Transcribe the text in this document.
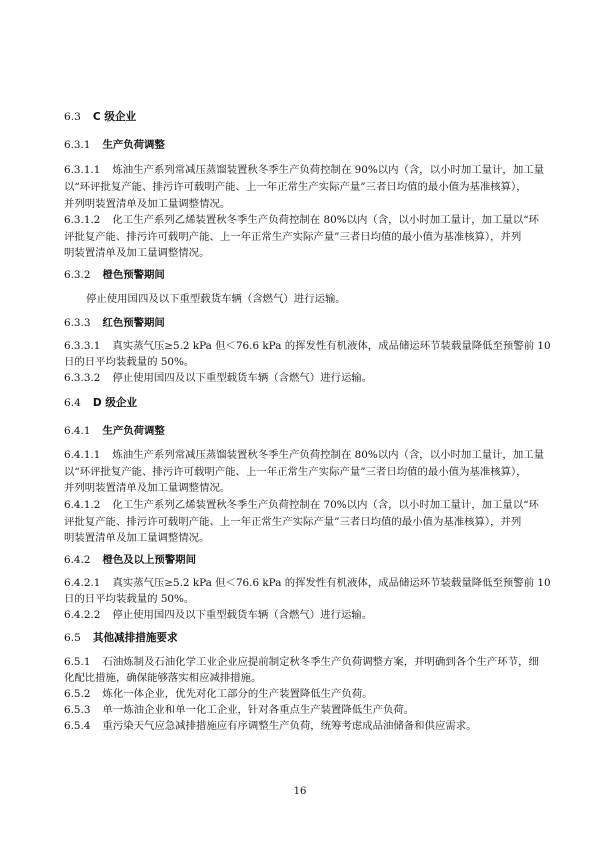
6.3 C 级企业
6.3.1 生产负荷调整
6.3.1.1 炼油生产系列常减压蒸馏装置秋冬季生产负荷控制在 90%以内（含，以小时加工量计，加工量
以“环评批复产能、排污许可载明产能、上一年正常生产实际产量”三者日均值的最小值为基准核算），
并列明装置清单及加工量调整情况。
6.3.1.2 化工生产系列乙烯装置秋冬季生产负荷控制在 80%以内（含，以小时加工量计，加工量以“环
评批复产能、排污许可载明产能、上一年正常生产实际产量”三者日均值的最小值为基准核算），并列
明装置清单及加工量调整情况。
6.3.2 橙色预警期间
停止使用国四及以下重型载货车辆（含燃气）进行运输。
6.3.3 红色预警期间
6.3.3.1 真实蒸气压≥5.2 kPa 但＜76.6 kPa 的挥发性有机液体，成品储运环节装载量降低至预警前 10
日的日平均装载量的 50%。
6.3.3.2 停止使用国四及以下重型载货车辆（含燃气）进行运输。
6.4 D 级企业
6.4.1 生产负荷调整
6.4.1.1 炼油生产系列常减压蒸馏装置秋冬季生产负荷控制在 80%以内（含，以小时加工量计，加工量
以“环评批复产能、排污许可载明产能、上一年正常生产实际产量”三者日均值的最小值为基准核算），
并列明装置清单及加工量调整情况。
6.4.1.2 化工生产系列乙烯装置秋冬季生产负荷控制在 70%以内（含，以小时加工量计，加工量以“环
评批复产能、排污许可载明产能、上一年正常生产实际产量”三者日均值的最小值为基准核算），并列
明装置清单及加工量调整情况。
6.4.2 橙色及以上预警期间
6.4.2.1 真实蒸气压≥5.2 kPa 但＜76.6 kPa 的挥发性有机液体，成品储运环节装载量降低至预警前 10
日的日平均装载量的 50%。
6.4.2.2 停止使用国四及以下重型载货车辆（含燃气）进行运输。
6.5 其他减排措施要求
6.5.1 石油炼制及石油化学工业企业应提前制定秋冬季生产负荷调整方案，并明确到各个生产环节，细
化配比措施，确保能够落实相应减排措施。
6.5.2 炼化一体企业，优先对化工部分的生产装置降低生产负荷。
6.5.3 单一炼油企业和单一化工企业，针对各重点生产装置降低生产负荷。
6.5.4 重污染天气应急减排措施应有序调整生产负荷，统筹考虑成品油储备和供应需求。
16
